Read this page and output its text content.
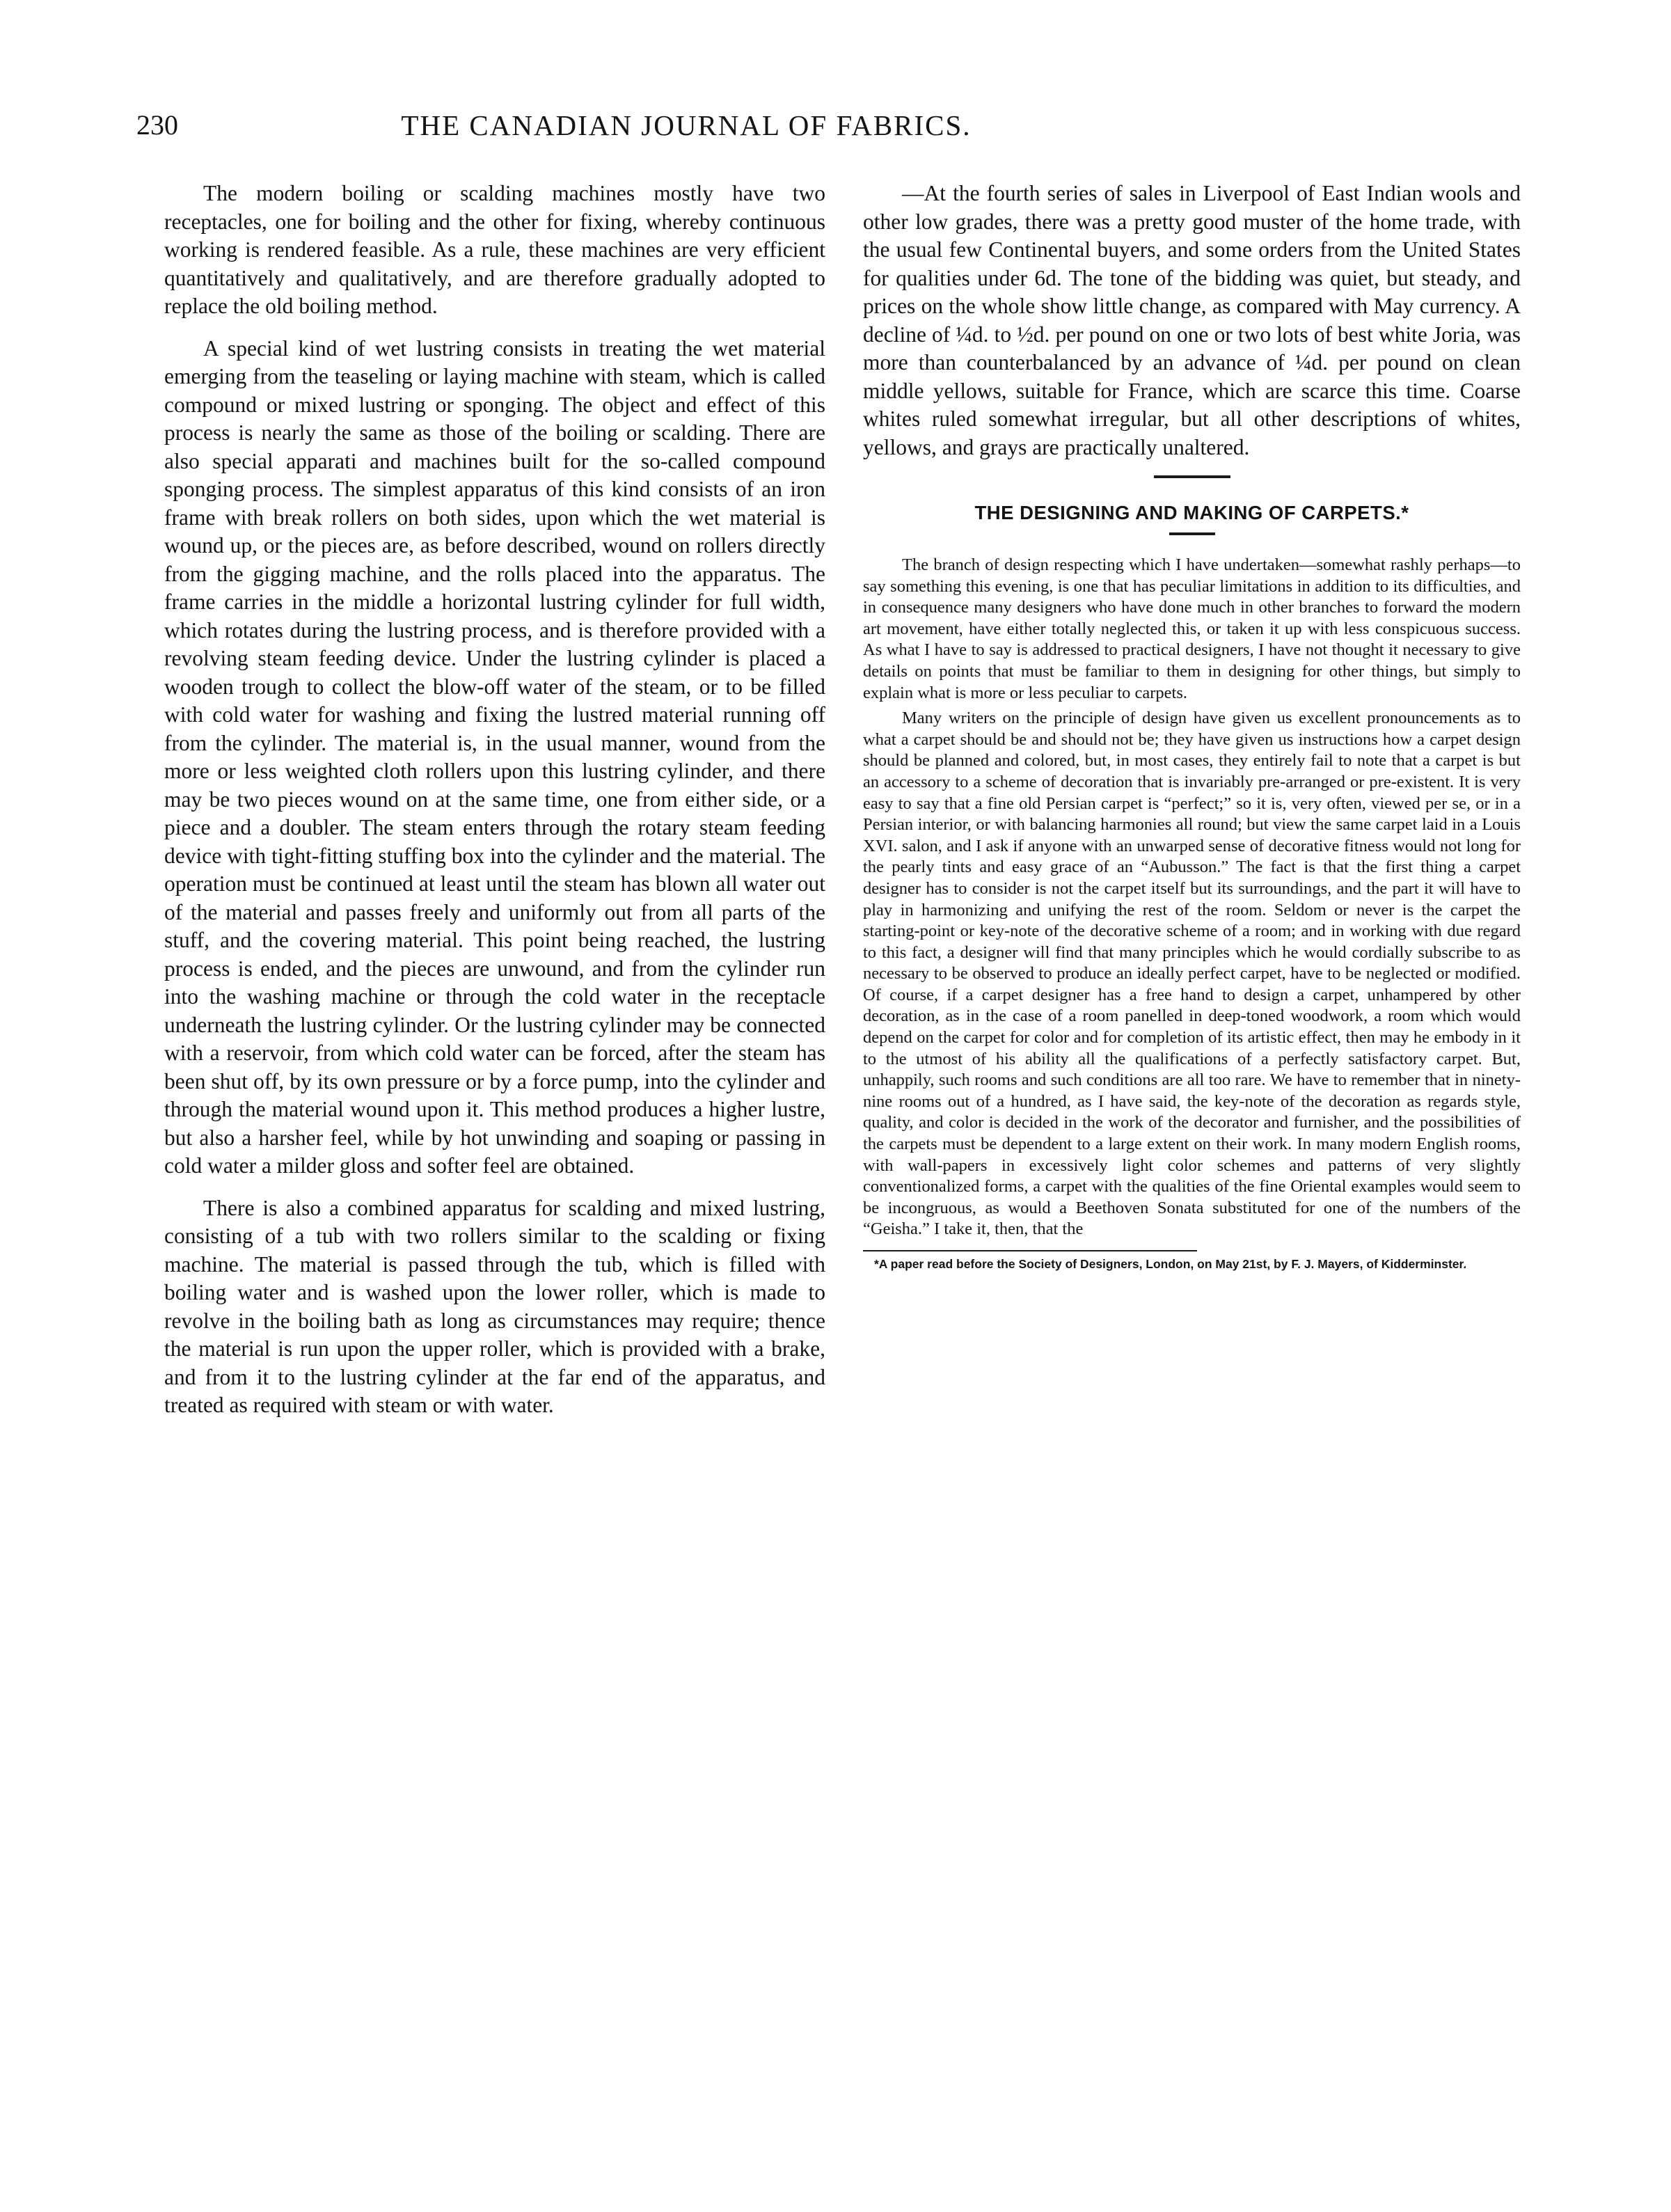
230	THE CANADIAN JOURNAL OF FABRICS.

The modern boiling or scalding machines mostly have two receptacles, one for boiling and the other for fixing, whereby continuous working is rendered feasible. As a rule, these machines are very efficient quantitatively and qualitatively, and are therefore gradually adopted to replace the old boiling method.

A special kind of wet lustring consists in treating the wet material emerging from the teaseling or laying machine with steam, which is called compound or mixed lustring or sponging. The object and effect of this process is nearly the same as those of the boiling or scalding. There are also special apparati and machines built for the so-called compound sponging process. The simplest apparatus of this kind consists of an iron frame with break rollers on both sides, upon which the wet material is wound up, or the pieces are, as before described, wound on rollers directly from the gigging machine, and the rolls placed into the apparatus. The frame carries in the middle a horizontal lustring cylinder for full width, which rotates during the lustring process, and is therefore provided with a revolving steam feeding device. Under the lustring cylinder is placed a wooden trough to collect the blow-off water of the steam, or to be filled with cold water for washing and fixing the lustred material running off from the cylinder. The material is, in the usual manner, wound from the more or less weighted cloth rollers upon this lustring cylinder, and there may be two pieces wound on at the same time, one from either side, or a piece and a doubler. The steam enters through the rotary steam feeding device with tight-fitting stuffing box into the cylinder and the material. The operation must be continued at least until the steam has blown all water out of the material and passes freely and uniformly out from all parts of the stuff, and the covering material. This point being reached, the lustring process is ended, and the pieces are unwound, and from the cylinder run into the washing machine or through the cold water in the receptacle underneath the lustring cylinder. Or the lustring cylinder may be connected with a reservoir, from which cold water can be forced, after the steam has been shut off, by its own pressure or by a force pump, into the cylinder and through the material wound upon it. This method produces a higher lustre, but also a harsher feel, while by hot unwinding and soaping or passing in cold water a milder gloss and softer feel are obtained.

There is also a combined apparatus for scalding and mixed lustring, consisting of a tub with two rollers similar to the scalding or fixing machine. The material is passed through the tub, which is filled with boiling water and is washed upon the lower roller, which is made to revolve in the boiling bath as long as circumstances may require; thence the material is run upon the upper roller, which is provided with a brake, and from it to the lustring cylinder at the far end of the apparatus, and treated as required with steam or with water.

—At the fourth series of sales in Liverpool of East Indian wools and other low grades, there was a pretty good muster of the home trade, with the usual few Continental buyers, and some orders from the United States for qualities under 6d. The tone of the bidding was quiet, but steady, and prices on the whole show little change, as compared with May currency. A decline of ¼d. to ½d. per pound on one or two lots of best white Joria, was more than counterbalanced by an advance of ¼d. per pound on clean middle yellows, suitable for France, which are scarce this time. Coarse whites ruled somewhat irregular, but all other descriptions of whites, yellows, and grays are practically unaltered.

THE DESIGNING AND MAKING OF CARPETS.*

The branch of design respecting which I have undertaken—somewhat rashly perhaps—to say something this evening, is one that has peculiar limitations in addition to its difficulties, and in consequence many designers who have done much in other branches to forward the modern art movement, have either totally neglected this, or taken it up with less conspicuous success. As what I have to say is addressed to practical designers, I have not thought it necessary to give details on points that must be familiar to them in designing for other things, but simply to explain what is more or less peculiar to carpets.

Many writers on the principle of design have given us excellent pronouncements as to what a carpet should be and should not be; they have given us instructions how a carpet design should be planned and colored, but, in most cases, they entirely fail to note that a carpet is but an accessory to a scheme of decoration that is invariably pre-arranged or pre-existent. It is very easy to say that a fine old Persian carpet is “perfect;” so it is, very often, viewed per se, or in a Persian interior, or with balancing harmonies all round; but view the same carpet laid in a Louis XVI. salon, and I ask if anyone with an unwarped sense of decorative fitness would not long for the pearly tints and easy grace of an “Aubusson.” The fact is that the first thing a carpet designer has to consider is not the carpet itself but its surroundings, and the part it will have to play in harmonizing and unifying the rest of the room. Seldom or never is the carpet the starting-point or key-note of the decorative scheme of a room; and in working with due regard to this fact, a designer will find that many principles which he would cordially subscribe to as necessary to be observed to produce an ideally perfect carpet, have to be neglected or modified. Of course, if a carpet designer has a free hand to design a carpet, unhampered by other decoration, as in the case of a room panelled in deep-toned woodwork, a room which would depend on the carpet for color and for completion of its artistic effect, then may he embody in it to the utmost of his ability all the qualifications of a perfectly satisfactory carpet. But, unhappily, such rooms and such conditions are all too rare. We have to remember that in ninety-nine rooms out of a hundred, as I have said, the key-note of the decoration as regards style, quality, and color is decided in the work of the decorator and furnisher, and the possibilities of the carpets must be dependent to a large extent on their work. In many modern English rooms, with wall-papers in excessively light color schemes and patterns of very slightly conventionalized forms, a carpet with the qualities of the fine Oriental examples would seem to be incongruous, as would a Beethoven Sonata substituted for one of the numbers of the “Geisha.” I take it, then, that the

*A paper read before the Society of Designers, London, on May 21st, by F. J. Mayers, of Kidderminster.
